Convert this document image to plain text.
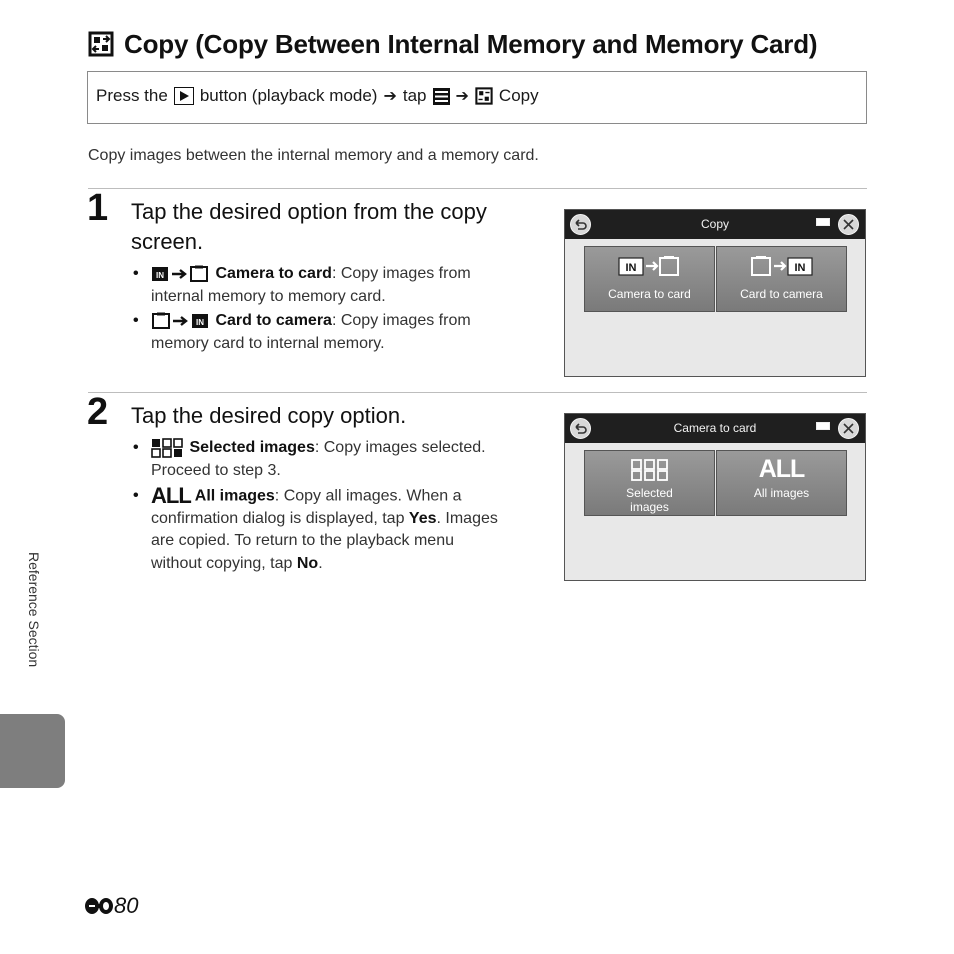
Copy (Copy Between Internal Memory and Memory Card)
Press the button (playback mode) ➔ tap ➔ Copy
Copy images between the internal memory and a memory card.
1 Tap the desired option from the copy
screen.
• IN	Camera to card: Copy images from
internal memory to memory card.
•	IN Card to camera: Copy images from
memory card to internal memory.
Copy
IN
Camera to card
IN
Card to camera
2 Tap the desired copy option.
•	Selected images: Copy images selected.
Proceed to step 3.
• ALL All images: Copy all images. When a
confirmation dialog is displayed, tap Yes. Images
are copied. To return to the playback menu
without copying, tap No.
Camera to card
Selected
images
ALL
All images
Reference Section
80
